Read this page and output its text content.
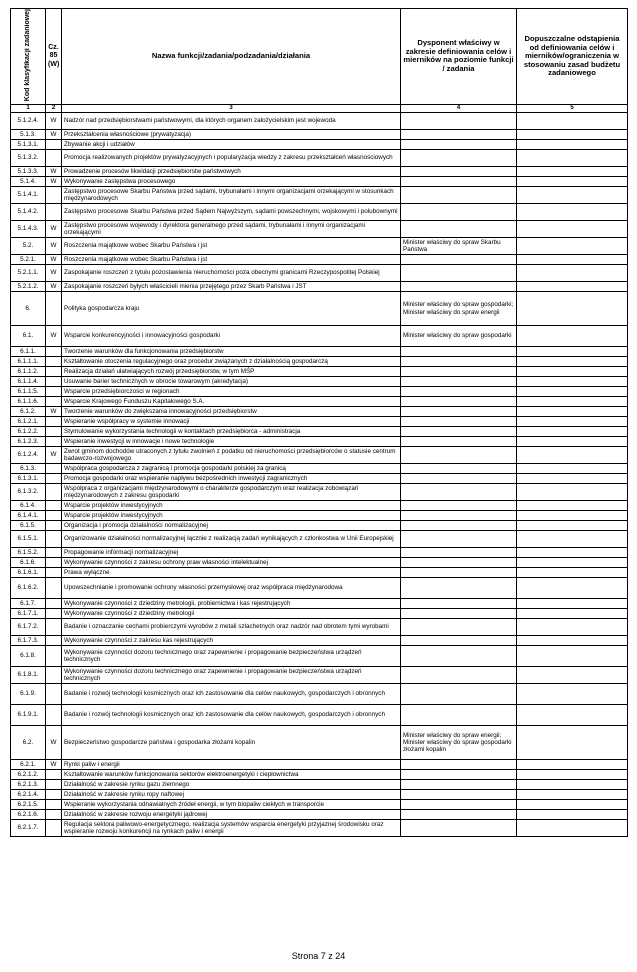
Kod klasyfikacji zadaniowej	Cz. 85 (W)	Nazwa funkcji/zadania/podzadania/działania	Dysponent właściwy w zakresie definiowania celów i mierników na poziomie funkcji / zadania	Dopuszczalne odstąpienia od definiowania celów i mierników/ograniczenia w stosowaniu zasad budżetu zadaniowego
1	2	3	4	5
5.1.2.4.	W	Nadzór nad przedsiębiorstwami państwowymi, dla których organem założycielskim jest wojewoda		
5.1.3.	W	Przekształcenia własnościowe (prywatyzacja)		
5.1.3.1.		Zbywanie akcji i udziałów		
5.1.3.2.		Promocja realizowanych projektów prywatyzacyjnych i popularyzacja wiedzy z zakresu przekształceń własnościowych		
5.1.3.3.	W	Prowadzenie procesów likwidacji przedsiębiorstw państwowych		
5.1.4.	W	Wykonywanie zastępstwa procesowego		
5.1.4.1.		Zastępstwo procesowe Skarbu Państwa przed sądami, trybunałami i innymi organizacjami orzekającymi w stosunkach międzynarodowych		
5.1.4.2.		Zastępstwo procesowe Skarbu Państwa przed Sądem Najwyższym, sądami powszechnymi, wojskowymi i polubownymi		
5.1.4.3.	W	Zastępstwo procesowe wojewody i dyrektora generalnego przed sądami, trybunałami i innymi organizacjami orzekającymi		
5.2.	W	Roszczenia majątkowe wobec Skarbu Państwa i jst	Minister właściwy do spraw Skarbu Państwa	
5.2.1.	W	Roszczenia majątkowe wobec Skarbu Państwa i jst		
5.2.1.1.	W	Zaspokajanie roszczeń z tytułu pozostawienia nieruchomości poza obecnymi granicami Rzeczypospolitej Polskiej		
5.2.1.2.	W	Zaspokajanie roszczeń byłych właścicieli mienia przejętego przez Skarb Państwa i JST		
6.		Polityka gospodarcza kraju	Minister właściwy do spraw gospodarki; Minister właściwy do spraw energii	
6.1.	W	Wsparcie konkurencyjności i innowacyjności gospodarki	Minister właściwy do spraw gospodarki	
6.1.1.		Tworzenie warunków dla funkcjonowania przedsiębiorstw		
6.1.1.1.		Kształtowanie otoczenia regulacyjnego oraz procedur związanych z działalnością gospodarczą		
6.1.1.2.		Realizacja działań ułatwiających rozwój przedsiębiorstw, w tym MŚP		
6.1.1.4.		Usuwanie barier technicznych w obrocie towarowym (akredytacja)		
6.1.1.5.		Wsparcie przedsiębiorczości w regionach		
6.1.1.6.		Wsparcie Krajowego Funduszu Kapitałowego S.A.		
6.1.2.	W	Tworzenie warunków do zwiększania innowacyjności przedsiębiorstw		
6.1.2.1.		Wspieranie współpracy w systemie innowacji		
6.1.2.2.		Stymulowanie wykorzystania technologii w kontaktach przedsiębiorca - administracja		
6.1.2.3.		Wspieranie inwestycji w innowacje i nowe technologie		
6.1.2.4.	W	Zwrot gminom dochodów utraconych z tytułu zwolnień z podatku od nieruchomości przedsiębiorców o statusie centrum badawczo-rozwojowego		
6.1.3.		Współpraca gospodarcza z zagranicą i promocja gospodarki polskiej za granicą		
6.1.3.1.		Promocja gospodarki oraz wspieranie napływu bezpośrednich inwestycji zagranicznych		
6.1.3.2.		Współpraca z organizacjami międzynarodowymi o charakterze gospodarczym oraz realizacja zobowiązań międzynarodowych z zakresu gospodarki		
6.1.4.		Wsparcie projektów inwestycyjnych		
6.1.4.1.		Wsparcie projektów inwestycyjnych		
6.1.5.		Organizacja i promocja działalności normalizacyjnej		
6.1.5.1.		Organizowanie działalności normalizacyjnej łącznie z realizacją zadań wynikających z członkostwa w Unii Europejskiej		
6.1.5.2.		Propagowanie informacji normalizacyjnej		
6.1.6.		Wykonywanie czynności z zakresu ochrony praw własności intelektualnej		
6.1.6.1.		Prawa wyłączne		
6.1.6.2.		Upowszechnianie i promowanie ochrony własności przemysłowej oraz współpraca międzynarodowa		
6.1.7.		Wykonywanie czynności z dziedziny metrologii, probiernictwa i kas rejestrujących		
6.1.7.1.		Wykonywanie czynności z dziedziny metrologii		
6.1.7.2.		Badanie i oznaczanie cechami probierczymi wyrobów z metali szlachetnych oraz nadzór nad obrotem tymi wyrobami		
6.1.7.3.		Wykonywanie czynności z zakresu kas rejestrujących		
6.1.8.		Wykonywanie czynności dozoru technicznego oraz zapewnienie i propagowanie bezpieczeństwa urządzeń technicznych		
6.1.8.1.		Wykonywanie czynności dozoru technicznego oraz zapewnienie i propagowanie bezpieczeństwa urządzeń technicznych		
6.1.9.		Badanie i rozwój technologii kosmicznych oraz ich zastosowanie dla celów naukowych, gospodarczych i obronnych		
6.1.9.1.		Badanie i rozwój technologii kosmicznych oraz ich zastosowanie dla celów naukowych, gospodarczych i obronnych		
6.2.	W	Bezpieczeństwo gospodarcze państwa i gospodarka złożami kopalin	Minister właściwy do spraw energii; Minister właściwy do spraw gospodarki złożami kopalin	
6.2.1.	W	Rynki paliw i energii		
6.2.1.2.		Kształtowanie warunków funkcjonowania sektorów elektroenergetyki i ciepłownictwa		
6.2.1.3.		Działalność w zakresie rynku gazu ziemnego		
6.2.1.4.		Działalność w zakresie rynku ropy naftowej		
6.2.1.5.		Wspieranie wykorzystania odnawialnych źródeł energii, w tym biopaliw ciekłych w transporcie		
6.2.1.6.		Działalność w zakresie rozwoju energetyki jądrowej		
6.2.1.7.		Regulacja sektora paliwowo-energetycznego, realizacja systemów wsparcia energetyki przyjaznej środowisku oraz wspieranie rozwoju konkurencji na rynkach paliw i energii		
Strona 7 z 24
